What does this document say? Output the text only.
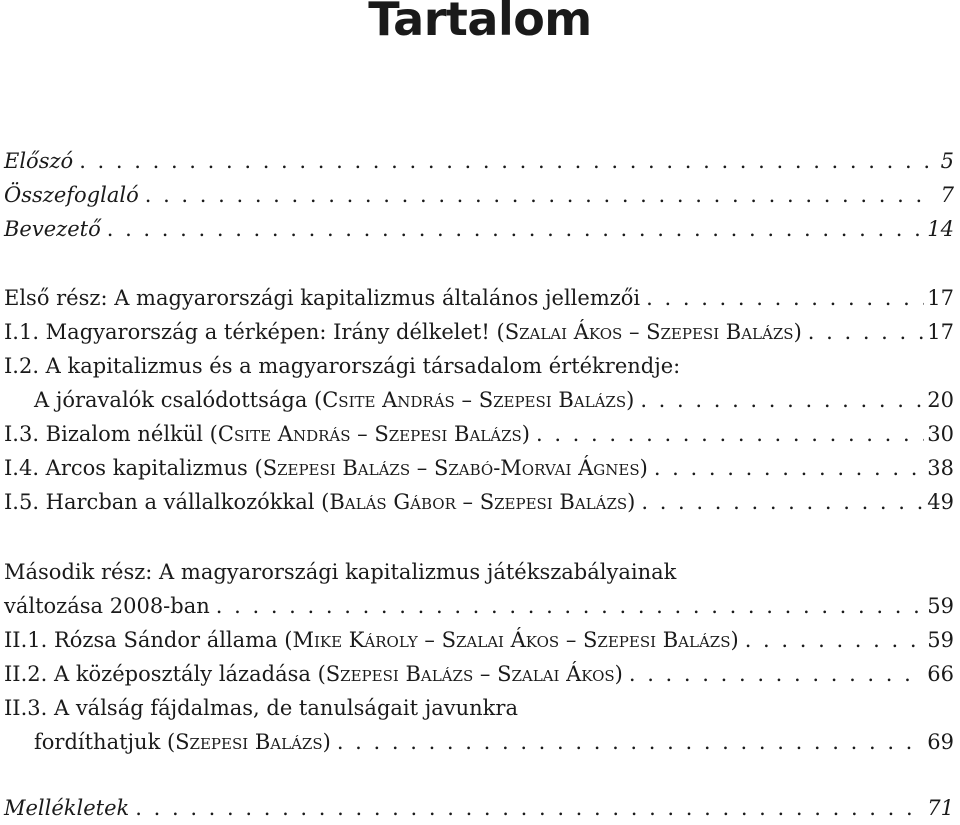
Tartalom
Előszó . . .	5
Összefoglaló . . .	7
Bevezető . . .	14
Első rész: A magyarországi kapitalizmus általános jellemzői . . .	17
I.1. Magyarország a térképen: Irány délkelet! (Szalai Ákos – Szepesi Balázs) . . .	17
I.2. A kapitalizmus és a magyarországi társadalom értékrendje:
A jóravalók csalódottsága (Csite András – Szepesi Balázs) . . .	20
I.3. Bizalom nélkül (Csite András – Szepesi Balázs) . . .	30
I.4. Arcos kapitalizmus (Szepesi Balázs – Szabó-Morvai Ágnes) . . .	38
I.5. Harcban a vállalkozókkal (Balás Gábor – Szepesi Balázs) . . .	49
Második rész: A magyarországi kapitalizmus játékszabályainak
változása 2008-ban . . .	59
II.1. Rózsa Sándor állama (Mike Károly – Szalai Ákos – Szepesi Balázs) . . .	59
II.2. A középosztály lázadása (Szepesi Balázs – Szalai Ákos) . . .	66
II.3. A válság fájdalmas, de tanulságait javunkra
fordíthatjuk (Szepesi Balázs) . . .	69
Mellékletek . . .	71
